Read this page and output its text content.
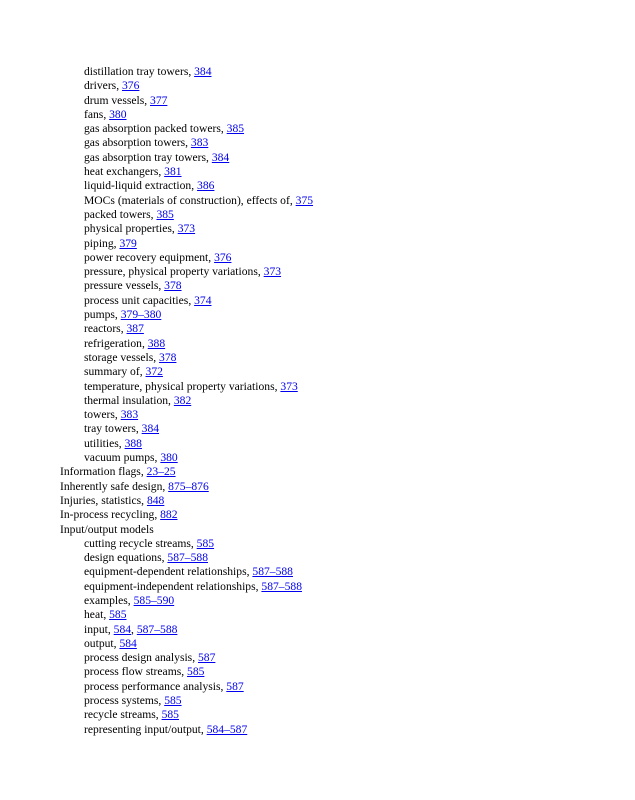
distillation tray towers, 384
drivers, 376
drum vessels, 377
fans, 380
gas absorption packed towers, 385
gas absorption towers, 383
gas absorption tray towers, 384
heat exchangers, 381
liquid-liquid extraction, 386
MOCs (materials of construction), effects of, 375
packed towers, 385
physical properties, 373
piping, 379
power recovery equipment, 376
pressure, physical property variations, 373
pressure vessels, 378
process unit capacities, 374
pumps, 379–380
reactors, 387
refrigeration, 388
storage vessels, 378
summary of, 372
temperature, physical property variations, 373
thermal insulation, 382
towers, 383
tray towers, 384
utilities, 388
vacuum pumps, 380
Information flags, 23–25
Inherently safe design, 875–876
Injuries, statistics, 848
In-process recycling, 882
Input/output models
cutting recycle streams, 585
design equations, 587–588
equipment-dependent relationships, 587–588
equipment-independent relationships, 587–588
examples, 585–590
heat, 585
input, 584, 587–588
output, 584
process design analysis, 587
process flow streams, 585
process performance analysis, 587
process systems, 585
recycle streams, 585
representing input/output, 584–587
